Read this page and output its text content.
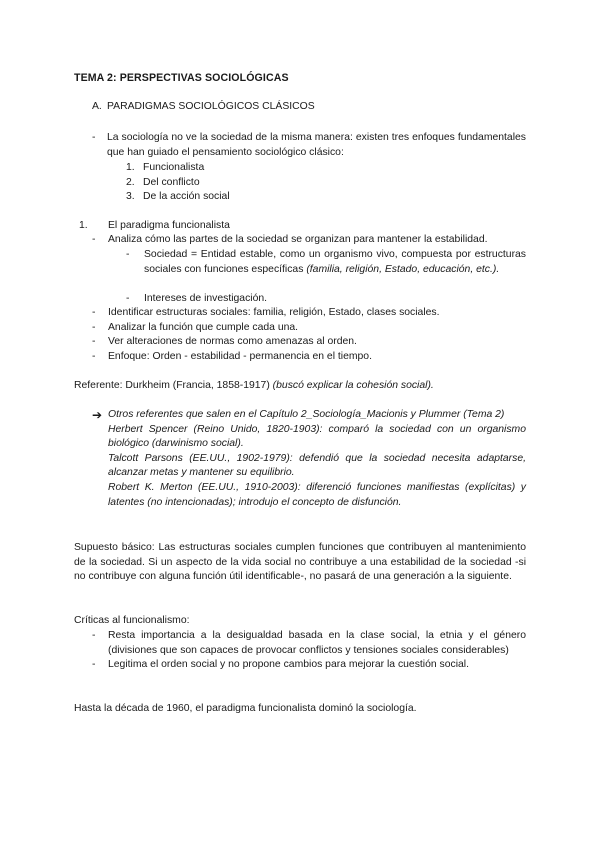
TEMA 2: PERSPECTIVAS SOCIOLÓGICAS
A. PARADIGMAS SOCIOLÓGICOS CLÁSICOS
-	La sociología no ve la sociedad de la misma manera: existen tres enfoques fundamentales que han guiado el pensamiento sociológico clásico:
1. Funcionalista
2. Del conflicto
3. De la acción social
1.	El paradigma funcionalista
-	Analiza cómo las partes de la sociedad se organizan para mantener la estabilidad.
-	Sociedad = Entidad estable, como un organismo vivo, compuesta por estructuras sociales con funciones específicas (familia, religión, Estado, educación, etc.).
-	Intereses de investigación.
-	Identificar estructuras sociales: familia, religión, Estado, clases sociales.
-	Analizar la función que cumple cada una.
-	Ver alteraciones de normas como amenazas al orden.
-	Enfoque: Orden - estabilidad - permanencia en el tiempo.
Referente: Durkheim (Francia, 1858-1917) (buscó explicar la cohesión social).
➔ Otros referentes que salen en el Capítulo 2_Sociología_Macionis y Plummer (Tema 2)
Herbert Spencer (Reino Unido, 1820-1903): comparó la sociedad con un organismo biológico (darwinismo social).
Talcott Parsons (EE.UU., 1902-1979): defendió que la sociedad necesita adaptarse, alcanzar metas y mantener su equilibrio.
Robert K. Merton (EE.UU., 1910-2003): diferenció funciones manifiestas (explícitas) y latentes (no intencionadas); introdujo el concepto de disfunción.
Supuesto básico: Las estructuras sociales cumplen funciones que contribuyen al mantenimiento de la sociedad. Si un aspecto de la vida social no contribuye a una estabilidad de la sociedad -si no contribuye con alguna función útil identificable-, no pasará de una generación a la siguiente.
Críticas al funcionalismo:
-	Resta importancia a la desigualdad basada en la clase social, la etnia y el género (divisiones que son capaces de provocar conflictos y tensiones sociales considerables)
-	Legitima el orden social y no propone cambios para mejorar la cuestión social.
Hasta la década de 1960, el paradigma funcionalista dominó la sociología.
